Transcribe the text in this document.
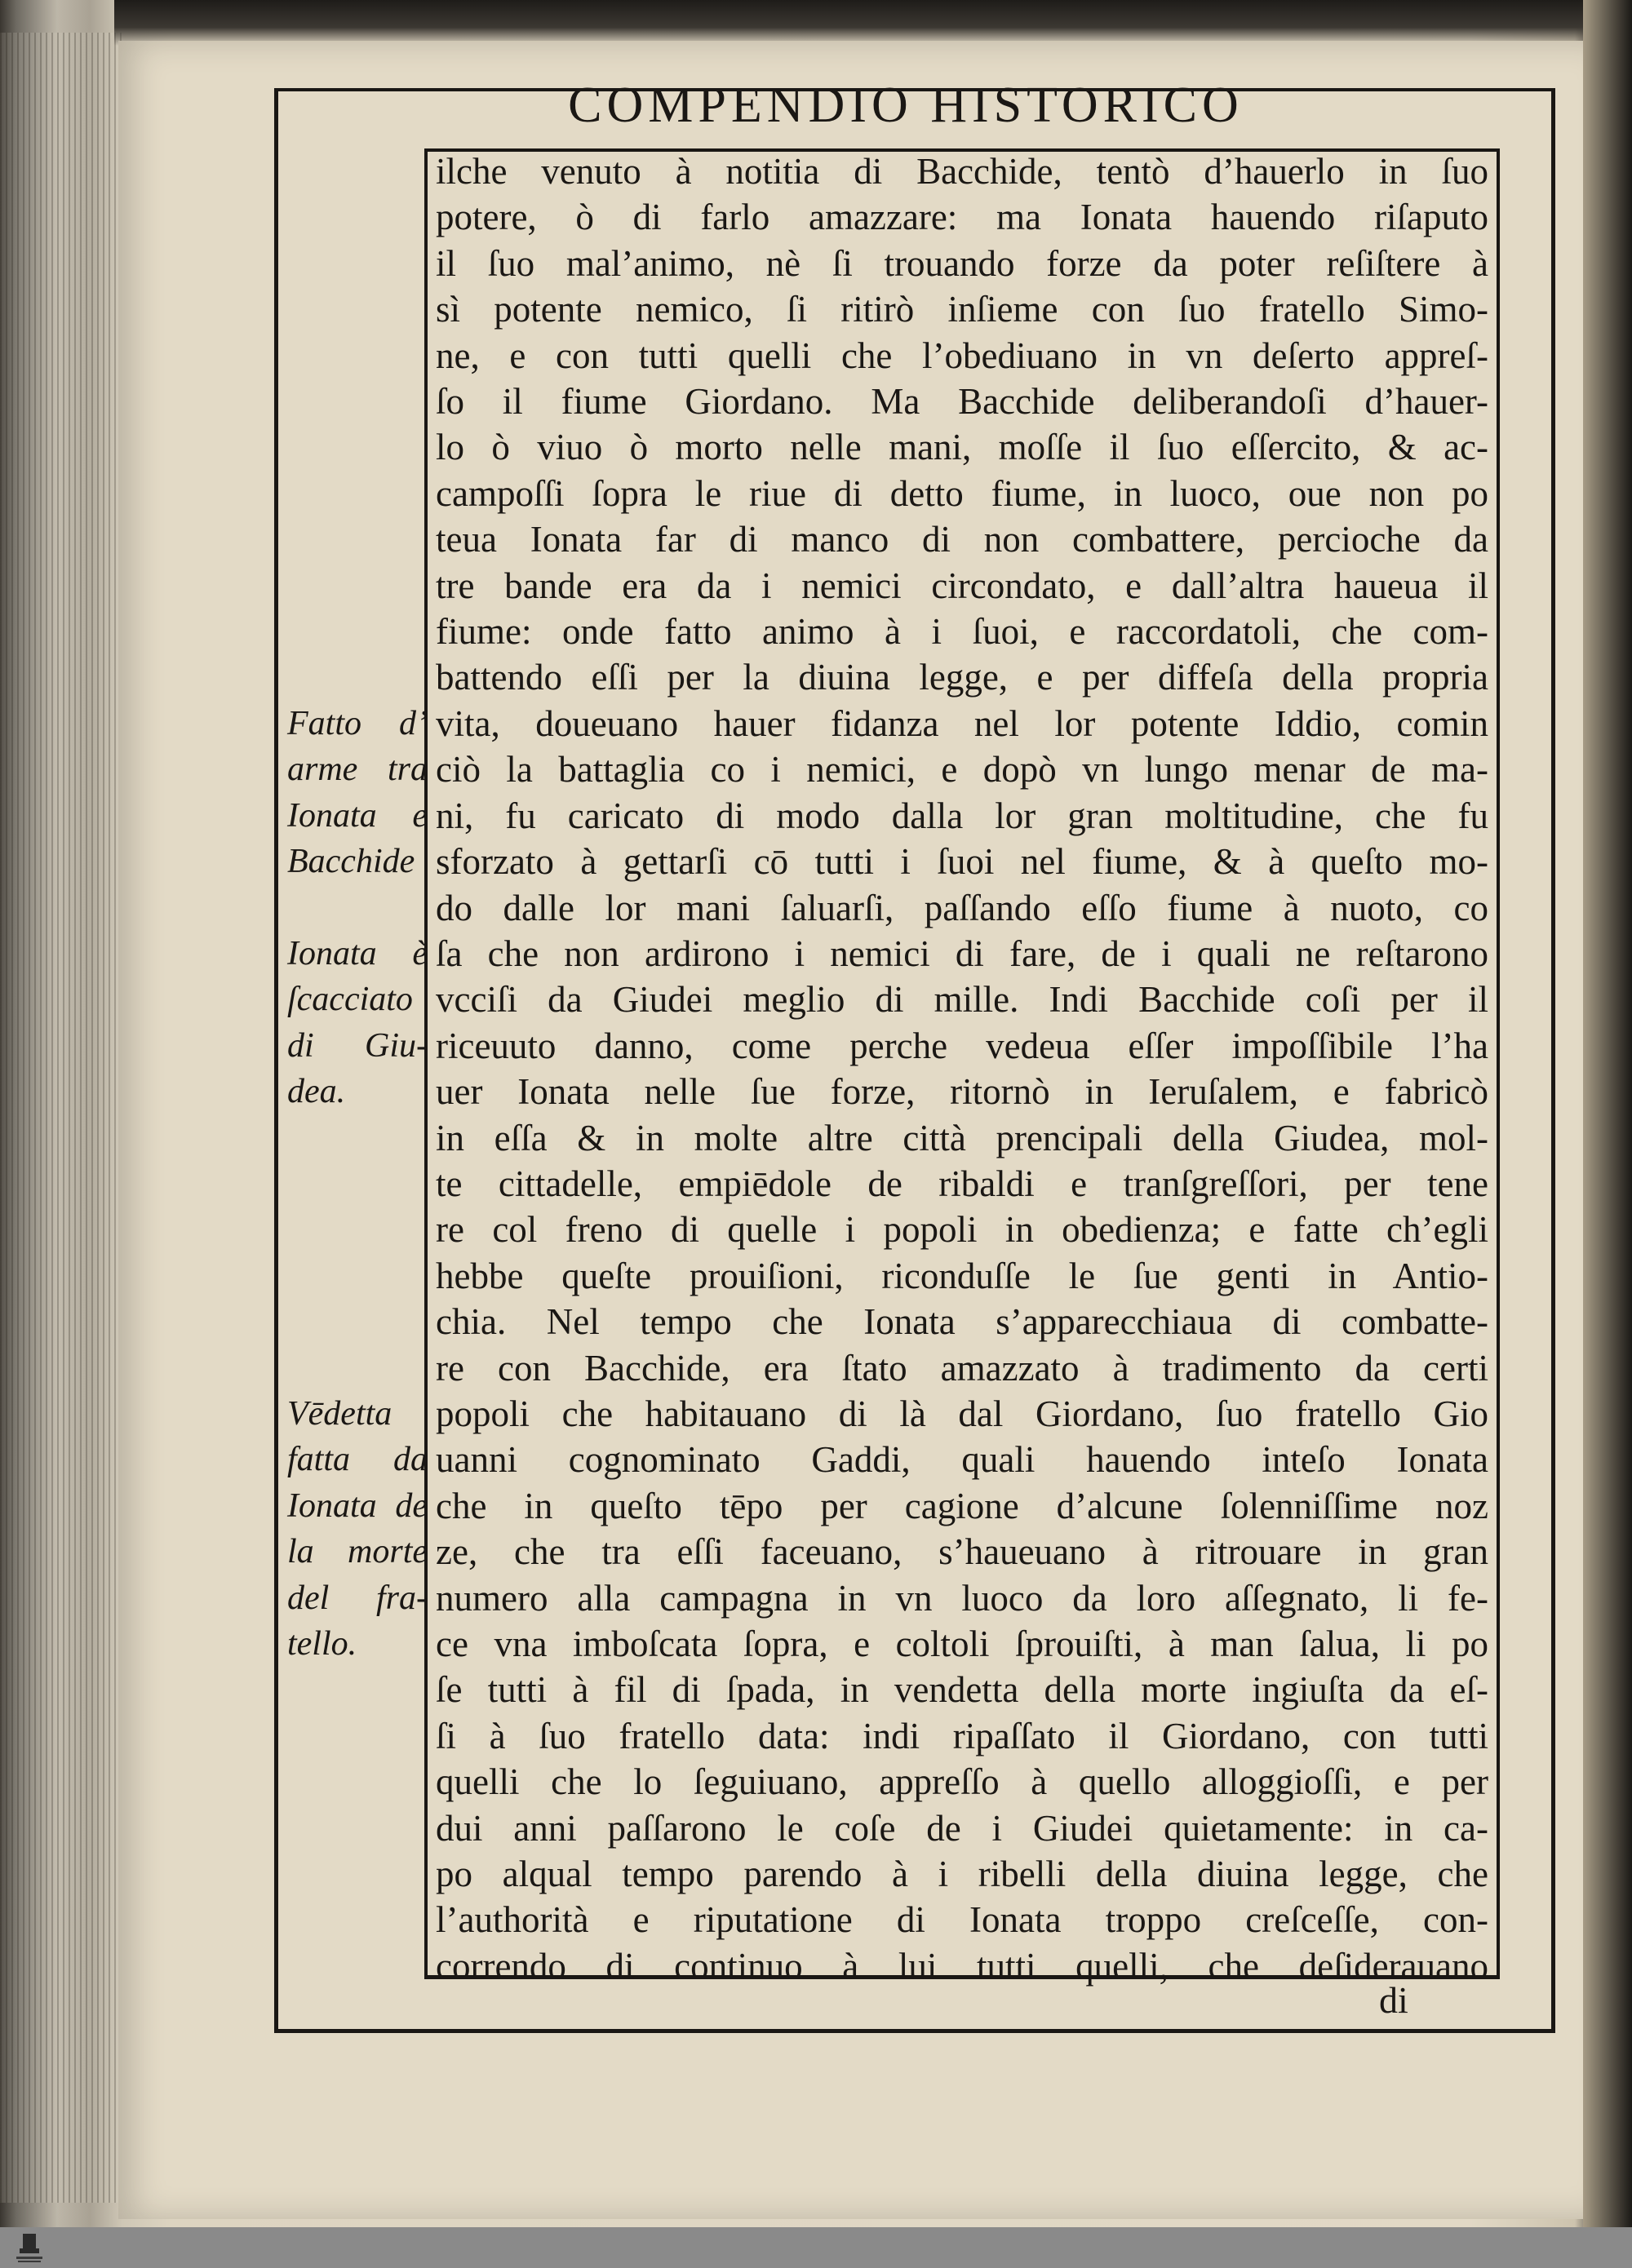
COMPENDIO HISTORICO
ilche venuto à notitia di Bacchide, tentò d’hauerlo in ſuo
potere, ò di farlo amazzare: ma Ionata hauendo riſaputo
il ſuo mal’animo, nè ſi trouando forze da poter reſiſtere à
sì potente nemico, ſi ritirò inſieme con ſuo fratello Simo-
ne, e con tutti quelli che l’obediuano in vn deſerto appreſ-
ſo il fiume Giordano. Ma Bacchide deliberandoſi d’hauer-
lo ò viuo ò morto nelle mani, moſſe il ſuo eſſercito, & ac-
campoſſi ſopra le riue di detto fiume, in luoco, oue non po
teua Ionata far di manco di non combattere, percioche da
tre bande era da i nemici circondato, e dall’altra haueua il
fiume: onde fatto animo à i ſuoi, e raccordatoli, che com-
battendo eſſi per la diuina legge, e per diffeſa della propria
vita, doueuano hauer fidanza nel lor potente Iddio, comin
ciò la battaglia co i nemici, e dopò vn lungo menar de ma-
ni, fu caricato di modo dalla lor gran moltitudine, che fu
sforzato à gettarſi cō tutti i ſuoi nel fiume, & à queſto mo-
do dalle lor mani ſaluarſi, paſſando eſſo fiume à nuoto, co
ſa che non ardirono i nemici di fare, de i quali ne reſtarono
vcciſi da Giudei meglio di mille. Indi Bacchide coſi per il
riceuuto danno, come perche vedeua eſſer impoſſibile l’ha
uer Ionata nelle ſue forze, ritornò in Ieruſalem, e fabricò
in eſſa & in molte altre città prencipali della Giudea, mol-
te cittadelle, empiēdole de ribaldi e tranſgreſſori, per tene
re col freno di quelle i popoli in obedienza; e fatte ch’egli
hebbe queſte prouiſioni, riconduſſe le ſue genti in Antio-
chia. Nel tempo che Ionata s’apparecchiaua di combatte-
re con Bacchide, era ſtato amazzato à tradimento da certi
popoli che habitauano di là dal Giordano, ſuo fratello Gio
uanni cognominato Gaddi, quali hauendo inteſo Ionata
che in queſto tēpo per cagione d’alcune ſolenniſſime noz
ze, che tra eſſi faceuano, s’haueuano à ritrouare in gran
numero alla campagna in vn luoco da loro aſſegnato, li fe-
ce vna imboſcata ſopra, e coltoli ſprouiſti, à man ſalua, li po
ſe tutti à fil di ſpada, in vendetta della morte ingiuſta da eſ-
ſi à ſuo fratello data: indi ripaſſato il Giordano, con tutti
quelli che lo ſeguiuano, appreſſo à quello alloggioſſi, e per
dui anni paſſarono le coſe de i Giudei quietamente: in ca-
po alqual tempo parendo à i ribelli della diuina legge, che
l’authorità e riputatione di Ionata troppo creſceſſe, con-
correndo di continuo à lui tutti quelli, che deſiderauano
Fatto d’
arme tra
Ionata e
Bacchide
Ionata è
ſcacciato
di Giu-
dea.
Vēdetta
fatta da
Ionata de
la morte
del fra-
tello.
di
